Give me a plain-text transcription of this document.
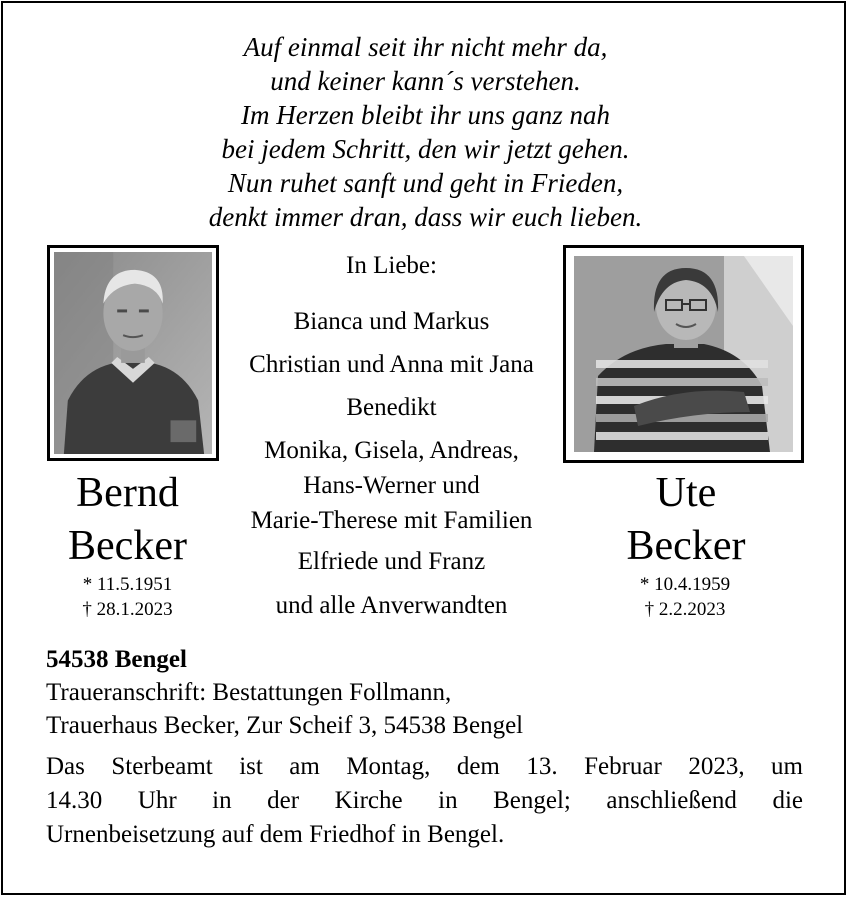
Auf einmal seit ihr nicht mehr da,
und keiner kann´s verstehen.
Im Herzen bleibt ihr uns ganz nah
bei jedem Schritt, den wir jetzt gehen.
Nun ruhet sanft und geht in Frieden,
denkt immer dran, dass wir euch lieben.
Bernd
Becker
* 11.5.1951
† 28.1.2023
Ute
Becker
* 10.4.1959
† 2.2.2023
In Liebe:
Bianca und Markus
Christian und Anna mit Jana
Benedikt
Monika, Gisela, Andreas,
Hans-Werner und
Marie-Therese mit Familien
Elfriede und Franz
und alle Anverwandten
54538 Bengel
Traueranschrift: Bestattungen Follmann,
Trauerhaus Becker, Zur Scheif 3, 54538 Bengel
Das Sterbeamt ist am Montag, dem 13. Februar 2023, um
14.30 Uhr in der Kirche in Bengel; anschließend die
Urnenbeisetzung auf dem Friedhof in Bengel.
